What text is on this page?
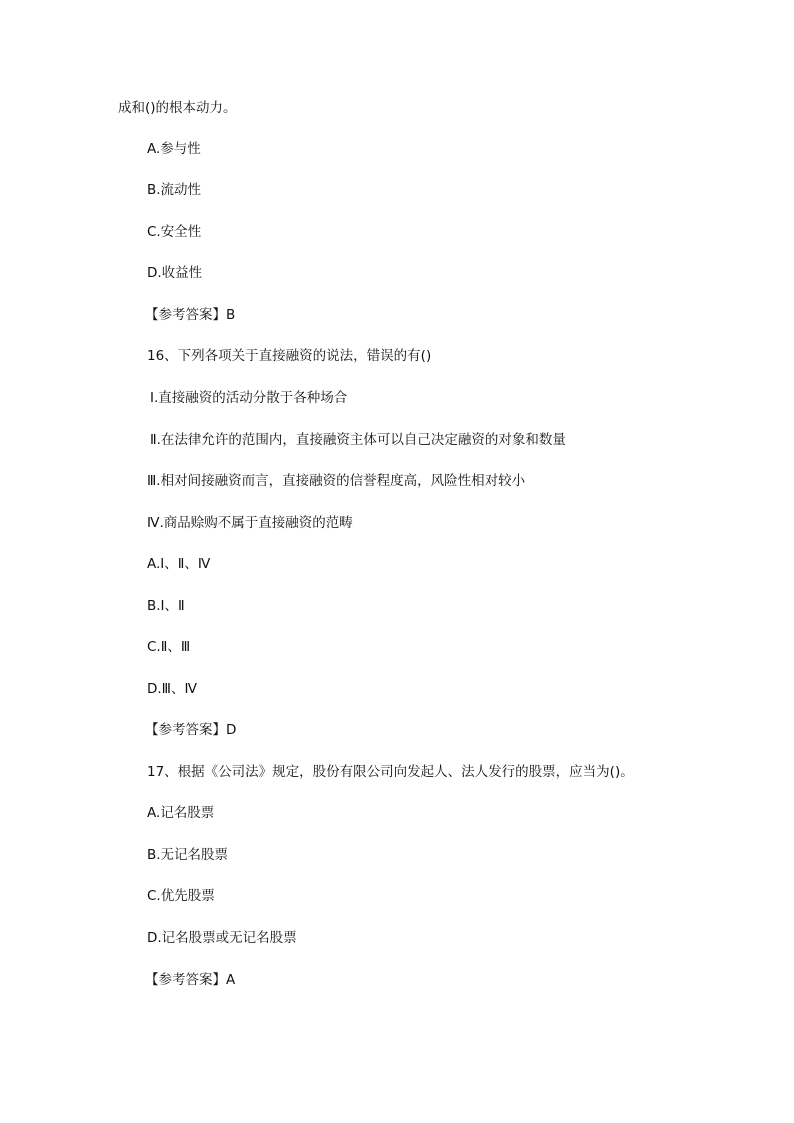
成和()的根本动力。
A.参与性
B.流动性
C.安全性
D.收益性
【参考答案】B
16、下列各项关于直接融资的说法，错误的有()
Ⅰ.直接融资的活动分散于各种场合
Ⅱ.在法律允许的范围内，直接融资主体可以自己决定融资的对象和数量
Ⅲ.相对间接融资而言，直接融资的信誉程度高，风险性相对较小
Ⅳ.商品赊购不属于直接融资的范畴
A.Ⅰ、Ⅱ、Ⅳ
B.Ⅰ、Ⅱ
C.Ⅱ、Ⅲ
D.Ⅲ、Ⅳ
【参考答案】D
17、根据《公司法》规定，股份有限公司向发起人、法人发行的股票，应当为()。
A.记名股票
B.无记名股票
C.优先股票
D.记名股票或无记名股票
【参考答案】A
